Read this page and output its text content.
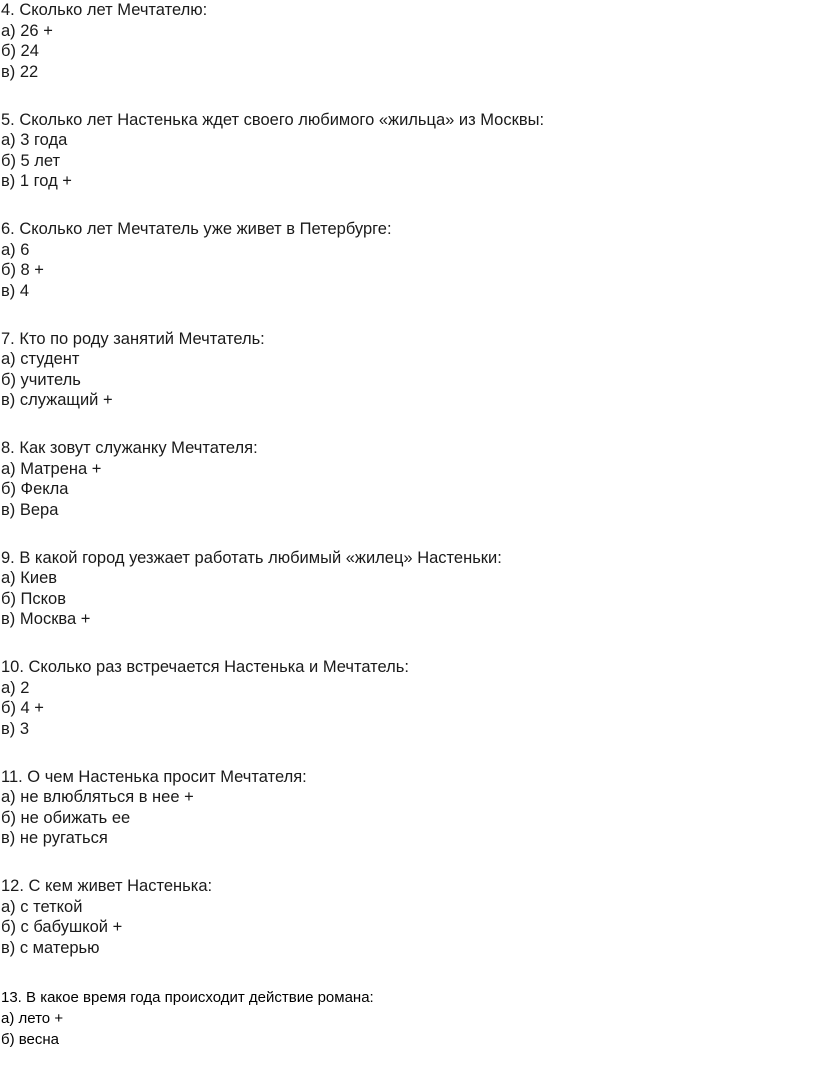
4. Сколько лет Мечтателю:
а) 26 +
б) 24
в) 22
5. Сколько лет Настенька ждет своего любимого «жильца» из Москвы:
а) 3 года
б) 5 лет
в) 1 год +
6. Сколько лет Мечтатель уже живет в Петербурге:
а) 6
б) 8 +
в) 4
7. Кто по роду занятий Мечтатель:
а) студент
б) учитель
в) служащий +
8. Как зовут служанку Мечтателя:
а) Матрена +
б) Фекла
в) Вера
9. В какой город уезжает работать любимый «жилец» Настеньки:
а) Киев
б) Псков
в) Москва +
10. Сколько раз встречается Настенька и Мечтатель:
а) 2
б) 4 +
в) 3
11. О чем Настенька просит Мечтателя:
а) не влюбляться в нее +
б) не обижать ее
в) не ругаться
12. С кем живет Настенька:
а) с теткой
б) с бабушкой +
в) с матерью
13. В какое время года происходит действие романа:
а) лето +
б) весна
